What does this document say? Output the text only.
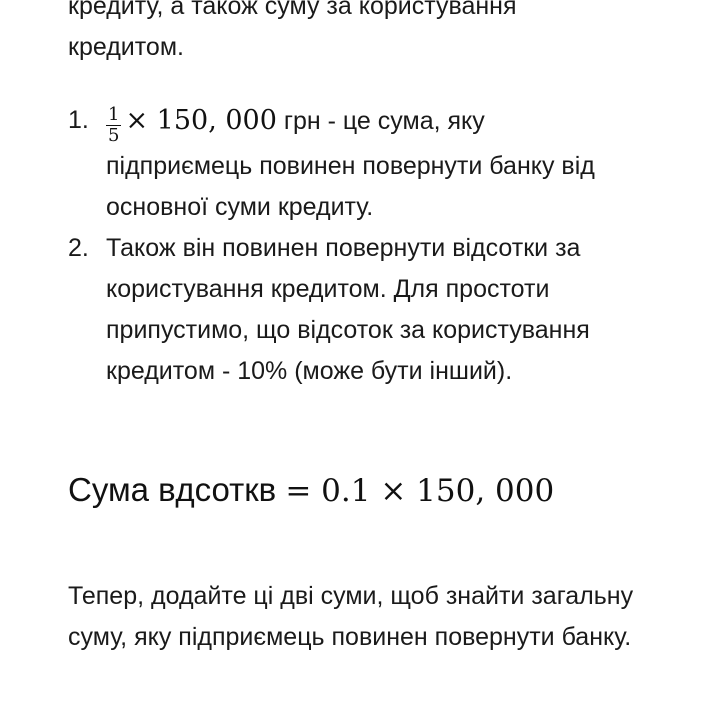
кредиту, а також суму за користування
кредитом.

1. $\frac{1}{5} \times 150$, 000 грн - це сума, яку
підприємець повинен повернути банку від основної суми кредиту.
2. Також він повинен повернути відсотки за користування кредитом. Для простоти припустимо, що відсоток за користування кредитом - 10% (може бути інший).

Сума вдсоткв = 0.1 × 150, 000

Тепер, додайте ці дві суми, щоб знайти загальну суму, яку підприємець повинен повернути банку.
